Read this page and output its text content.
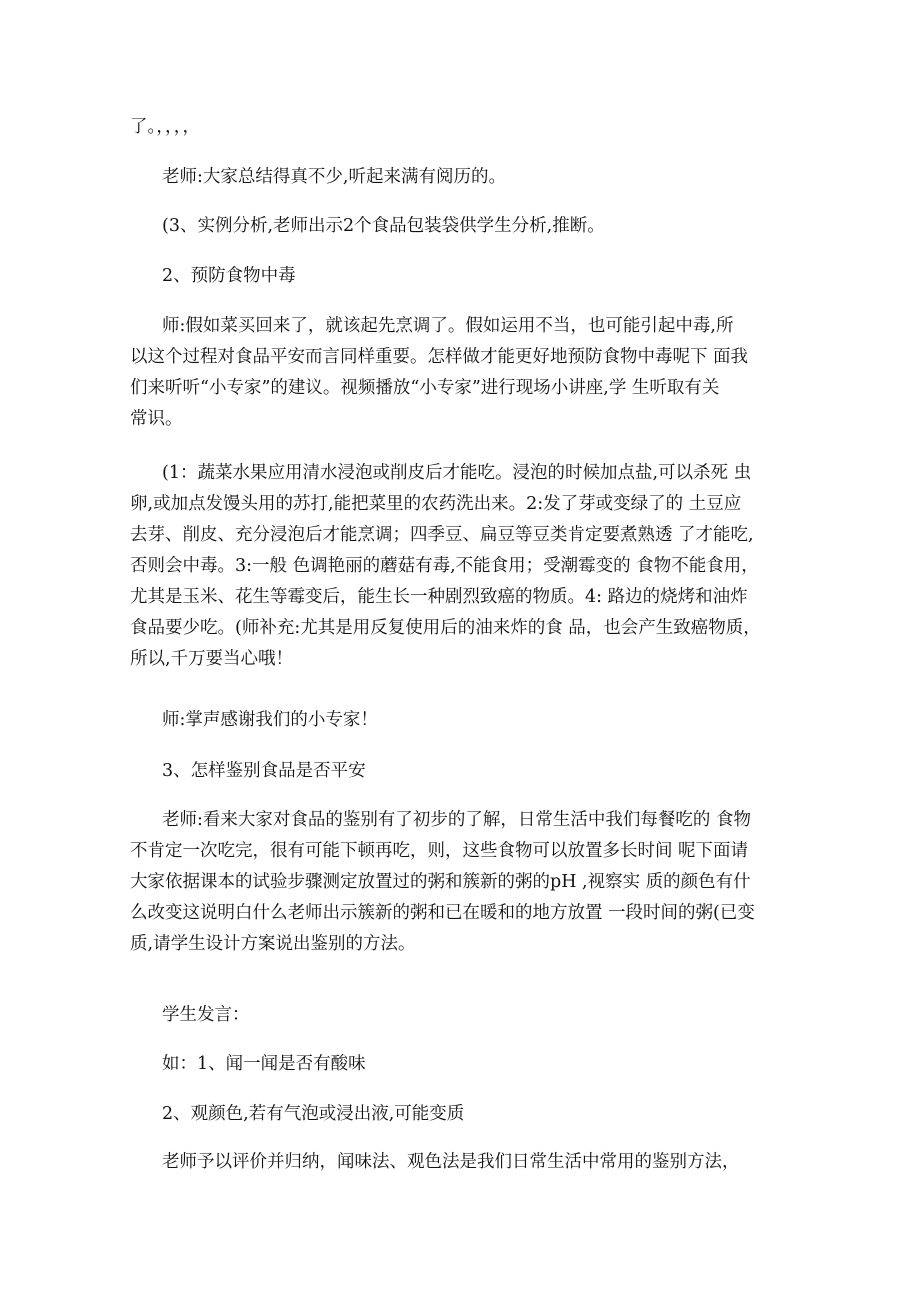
了。，，，，

老师:大家总结得真不少,听起来满有阅历的。

(3、实例分析,老师出示2个食品包装袋供学生分析,推断。

2、预防食物中毒

师:假如菜买回来了，就该起先烹调了。假如运用不当，也可能引起中毒,所
以这个过程对食品平安而言同样重要。怎样做才能更好地预防食物中毒呢下 面我
们来听听“小专家”的建议。视频播放“小专家”进行现场小讲座,学 生听取有关
常识。
(1：蔬菜水果应用清水浸泡或削皮后才能吃。浸泡的时候加点盐,可以杀死 虫
卵,或加点发馒头用的苏打,能把菜里的农药洗出来。2:发了芽或变绿了的 土豆应
去芽、削皮、充分浸泡后才能烹调；四季豆、扁豆等豆类肯定要煮熟透 了才能吃,
否则会中毒。3:一般 色调艳丽的蘑菇有毒,不能食用；受潮霉变的 食物不能食用，
尤其是玉米、花生等霉变后，能生长一种剧烈致癌的物质。4: 路边的烧烤和油炸
食品要少吃。(师补充:尤其是用反复使用后的油来炸的食 品，也会产生致癌物质，
所以,千万要当心哦！

师:掌声感谢我们的小专家！

3、怎样鉴别食品是否平安

老师:看来大家对食品的鉴别有了初步的了解，日常生活中我们每餐吃的 食物
不肯定一次吃完，很有可能下顿再吃，则，这些食物可以放置多长时间 呢下面请
大家依据课本的试验步骤测定放置过的粥和簇新的粥的pH ,视察实 质的颜色有什
么改变这说明白什么老师出示簇新的粥和已在暖和的地方放置 一段时间的粥(已变
质,请学生设计方案说出鉴别的方法。

学生发言：

如：1、闻一闻是否有酸味

2、观颜色,若有气泡或浸出液,可能变质

老师予以评价并归纳，闻味法、观色法是我们日常生活中常用的鉴别方法，
